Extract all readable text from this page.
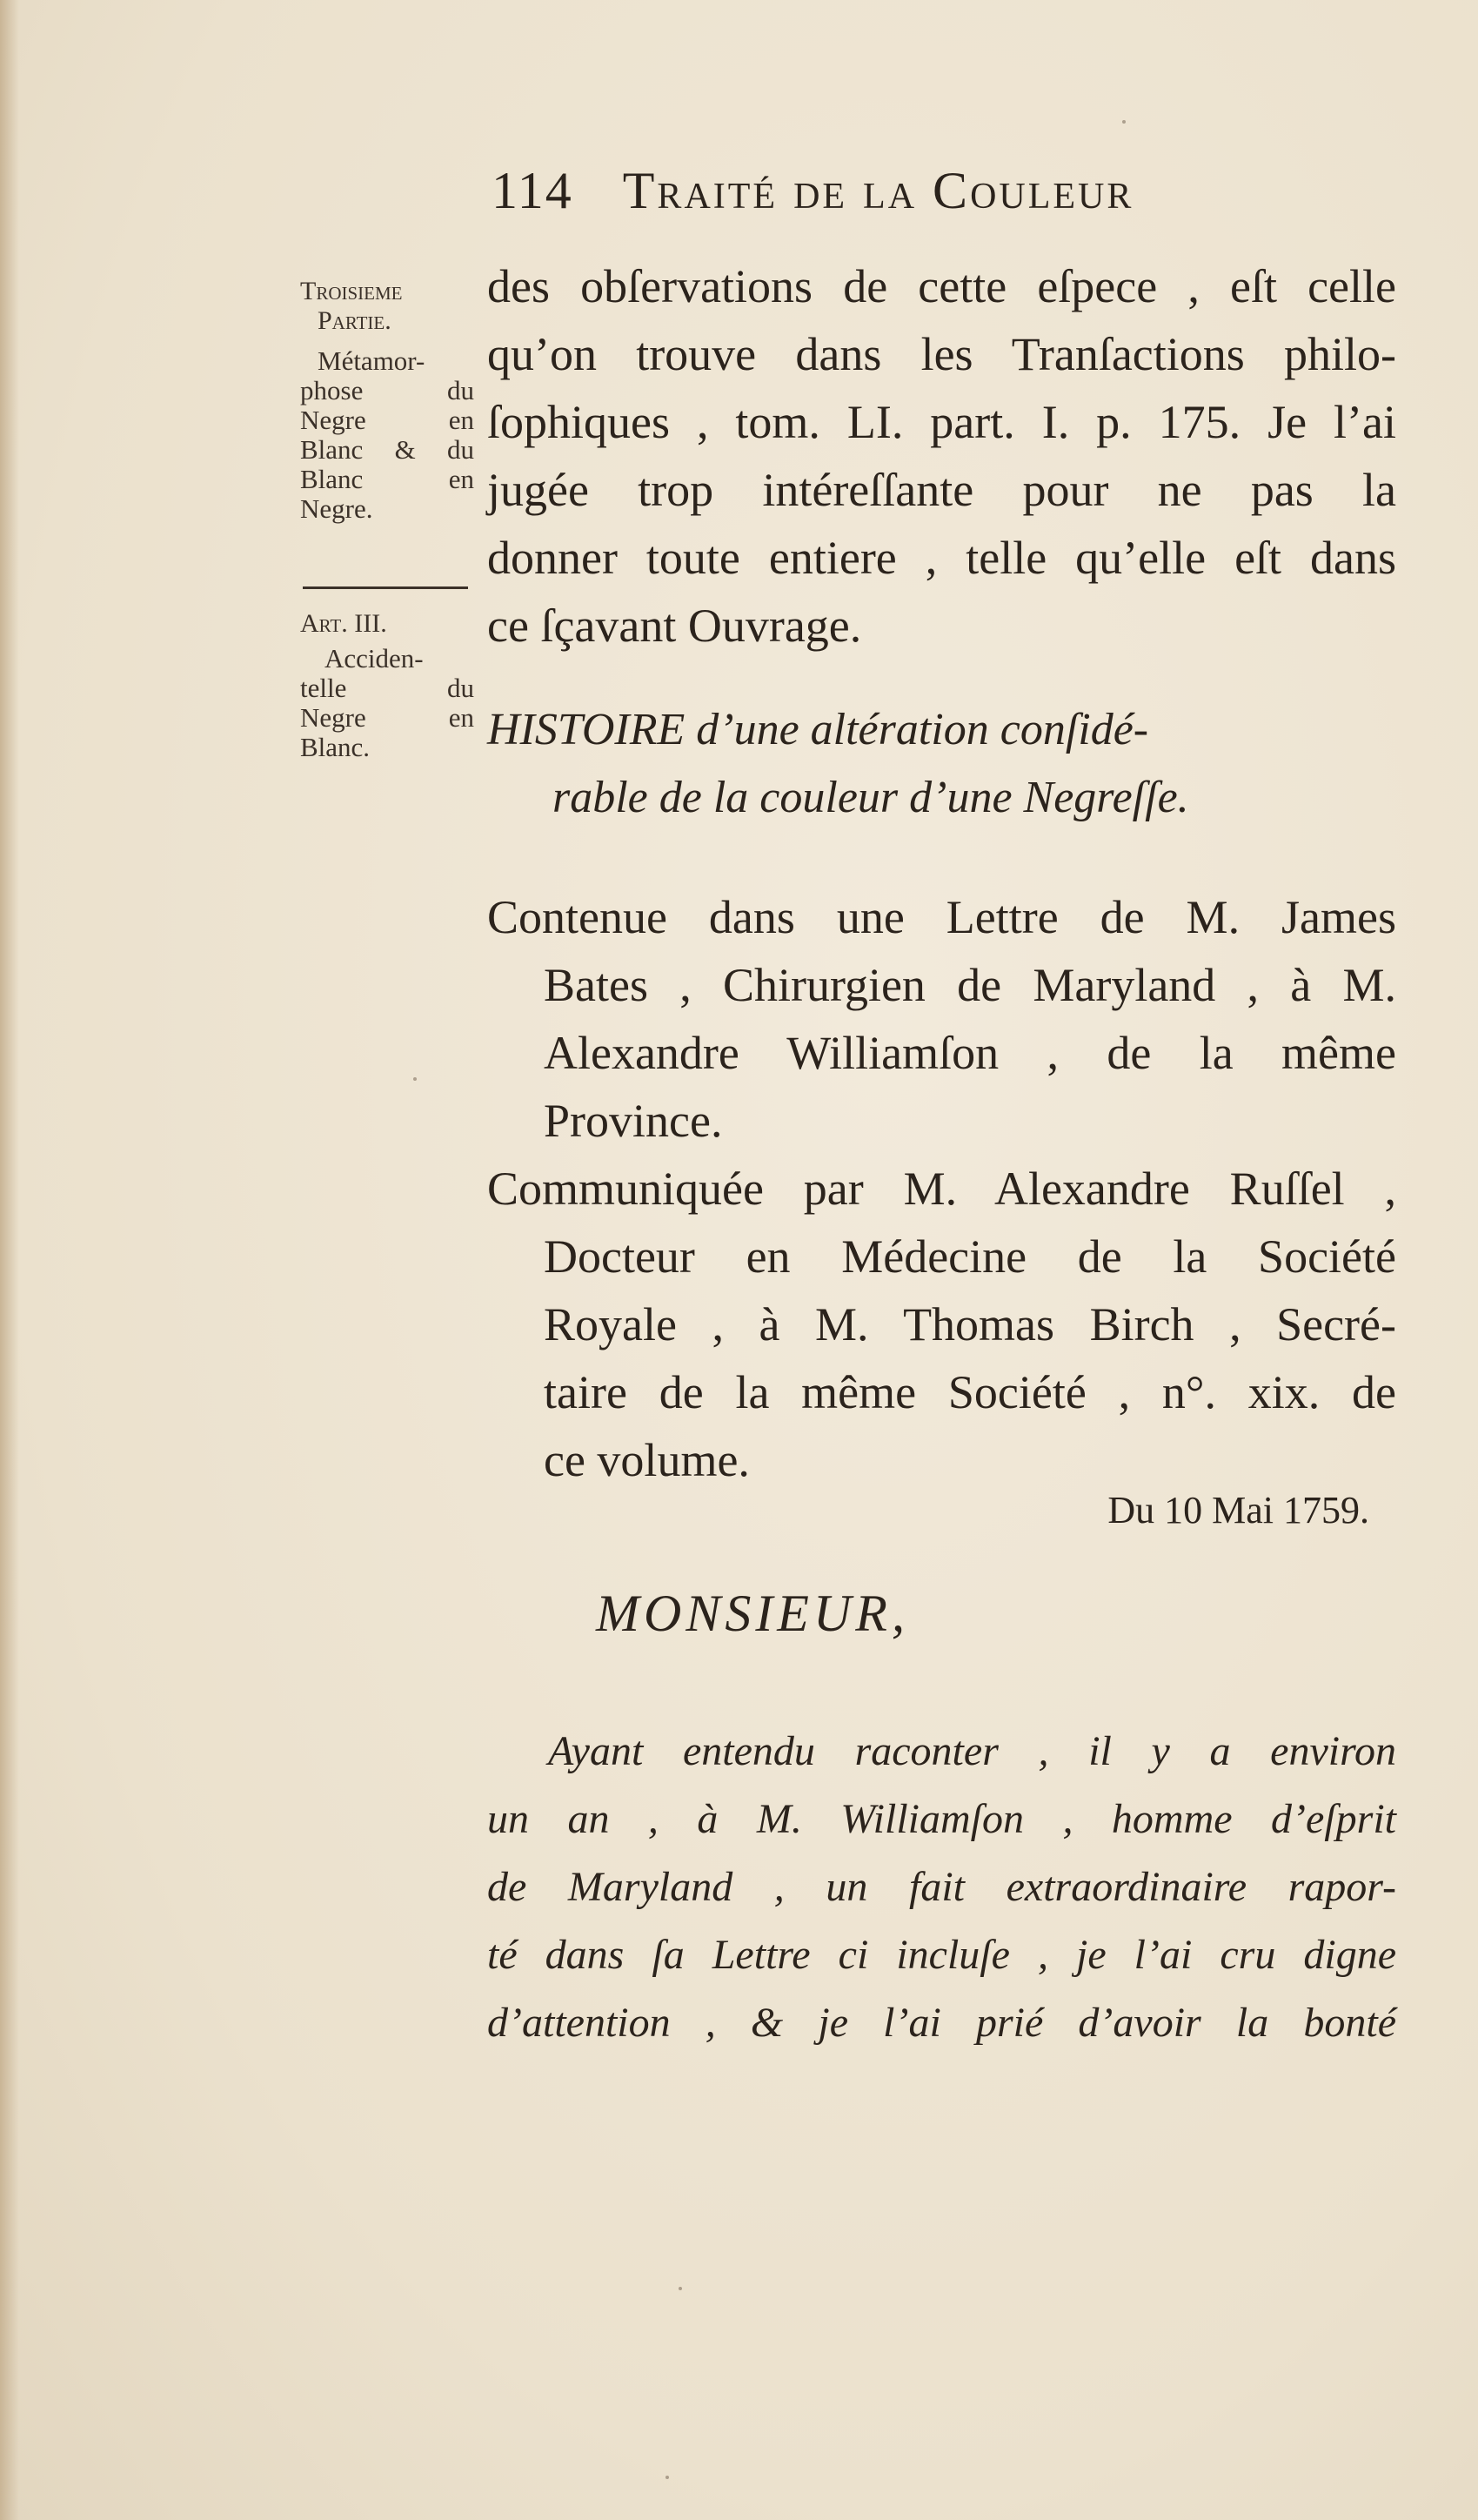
114 Traité de la Couleur
Troisieme
Partie.
Métamor-
phose du
Negre en
Blanc & du
Blanc en
Negre.
Art. III.
Acciden-
telle du
Negre en
Blanc.
des obſervations de cette eſpece , eſt celle
qu’on trouve dans les Tranſactions philo-
ſophiques , tom. LI. part. I. p. 175. Je l’ai
jugée trop intéreſſante pour ne pas la
donner toute entiere , telle qu’elle eſt dans
ce ſçavant Ouvrage.
HISTOIRE d’une altération conſidé-
rable de la couleur d’une Negreſſe.
Contenue dans une Lettre de M. James
Bates , Chirurgien de Maryland , à M.
Alexandre Williamſon , de la même
Province.
Communiquée par M. Alexandre Ruſſel ,
Docteur en Médecine de la Société
Royale , à M. Thomas Birch , Secré-
taire de la même Société , n°. xix. de
ce volume.
Du 10 Mai 1759.
MONSIEUR,
Ayant entendu raconter , il y a environ
un an , à M. Williamſon , homme d’eſprit
de Maryland , un fait extraordinaire rapor-
té dans ſa Lettre ci incluſe , je l’ai cru digne
d’attention , & je l’ai prié d’avoir la bonté
